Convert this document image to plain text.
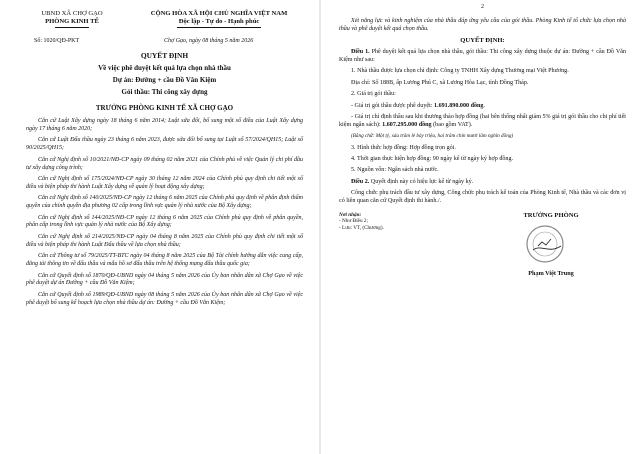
UBND XÃ CHỢ GẠO
PHÒNG KINH TẾ
CỘNG HÒA XÃ HỘI CHỦ NGHĨA VIỆT NAM
Độc lập - Tự do - Hạnh phúc
Số: 1020/QĐ-PKT	Chợ Gạo, ngày 08 tháng 5 năm 2026
QUYẾT ĐỊNH
Về việc phê duyệt kết quả lựa chọn nhà thầu
Dự án: Đường + cầu Đồ Văn Kiệm
Gói thầu: Thi công xây dựng
TRƯỞNG PHÒNG KINH TẾ XÃ CHỢ GẠO

Căn cứ Luật Xây dựng ngày 18 tháng 6 năm 2014; Luật sửa đổi, bổ sung một số điều của Luật Xây dựng ngày 17 tháng 6 năm 2020;

Căn cứ Luật Đấu thầu ngày 23 tháng 6 năm 2023, được sửa đổi bổ sung tại Luật số 57/2024/QH15; Luật số 90/2025/QH15;

Căn cứ Nghị định số 10/2021/NĐ-CP ngày 09 tháng 02 năm 2021 của Chính phủ về việc Quản lý chi phí đầu tư xây dựng công trình;

Căn cứ Nghị định số 175/2024/NĐ-CP ngày 30 tháng 12 năm 2024 của Chính phủ quy định chi tiết một số điều và biện pháp thi hành Luật Xây dựng về quản lý hoạt động xây dựng;

Căn cứ Nghị định số 140/2025/NĐ-CP ngày 12 tháng 6 năm 2025 của Chính phủ quy định về phân định thẩm quyền của chính quyền địa phương 02 cấp trong lĩnh vực quản lý nhà nước của Bộ Xây dựng;

Căn cứ Nghị định số 144/2025/NĐ-CP ngày 12 tháng 6 năm 2025 của Chính phủ quy định về phân quyền, phân cấp trong lĩnh vực quản lý nhà nước của Bộ Xây dựng;

Căn cứ Nghị định số 214/2025/NĐ-CP ngày 04 tháng 8 năm 2025 của Chính phủ quy định chi tiết một số điều và biện pháp thi hành Luật Đấu thầu về lựa chọn nhà thầu;

Căn cứ Thông tư số 79/2025/TT-BTC ngày 04 tháng 8 năm 2025 của Bộ Tài chính hướng dẫn việc cung cấp, đăng tải thông tin về đấu thầu và mẫu hồ sơ đấu thầu trên hệ thống mạng đấu thầu quốc gia;

Căn cứ Quyết định số 1870/QĐ-UBND ngày 04 tháng 5 năm 2026 của Ủy ban nhân dân xã Chợ Gạo về việc phê duyệt dự án Đường + cầu Đồ Văn Kiệm;

Căn cứ Quyết định số 1989/QĐ-UBND ngày 08 tháng 5 năm 2026 của Ủy ban nhân dân xã Chợ Gạo về việc phê duyệt bổ sung kế hoạch lựa chọn nhà thầu dự án: Đường + cầu Đồ Văn Kiệm;

2

Xét năng lực và kinh nghiệm của nhà thầu đáp ứng yêu cầu của gói thầu. Phòng Kinh tế tổ chức lựa chọn nhà thầu và phê duyệt kết quả chọn thầu.

QUYẾT ĐỊNH:

Điều 1. Phê duyệt kết quả lựa chọn nhà thầu, gói thầu: Thi công xây dựng thuộc dự án: Đường + cầu Đồ Văn Kiệm như sau:

1. Nhà thầu được lựa chọn chỉ định: Công ty TNHH Xây dựng Thương mại Việt Phương.

Địa chỉ: Số 188B, ấp Lương Phú C, xã Lương Hòa Lạc, tỉnh Đồng Tháp.

2. Giá trị gói thầu:

- Giá trị gói thầu được phê duyệt: 1.691.890.000 đồng.

- Giá trị chỉ định thầu sau khi thương thảo hợp đồng (hai bên thống nhất giảm 5% giá trị gói thầu cho chi phí tiết kiệm ngân sách): 1.607.295.000 đồng (bao gồm VAT).

(Bằng chữ: Một tỷ, sáu trăm lẻ bảy triệu, hai trăm chín mươi lăm nghìn đồng)

3. Hình thức hợp đồng: Hợp đồng trọn gói.

4. Thời gian thực hiện hợp đồng: 90 ngày kể từ ngày ký hợp đồng.

5. Nguồn vốn: Ngân sách nhà nước.

Điều 2. Quyết định này có hiệu lực kể từ ngày ký.

Công chức phụ trách đầu tư xây dựng, Công chức phụ trách kế toán của Phòng Kinh tế, Nhà thầu và các đơn vị có liên quan căn cứ Quyết định thi hành./.

Nơi nhận:
- Như Điều 2;
- Lưu: VT, (Chương).
TRƯỞNG PHÒNG
Phạm Việt Trung
